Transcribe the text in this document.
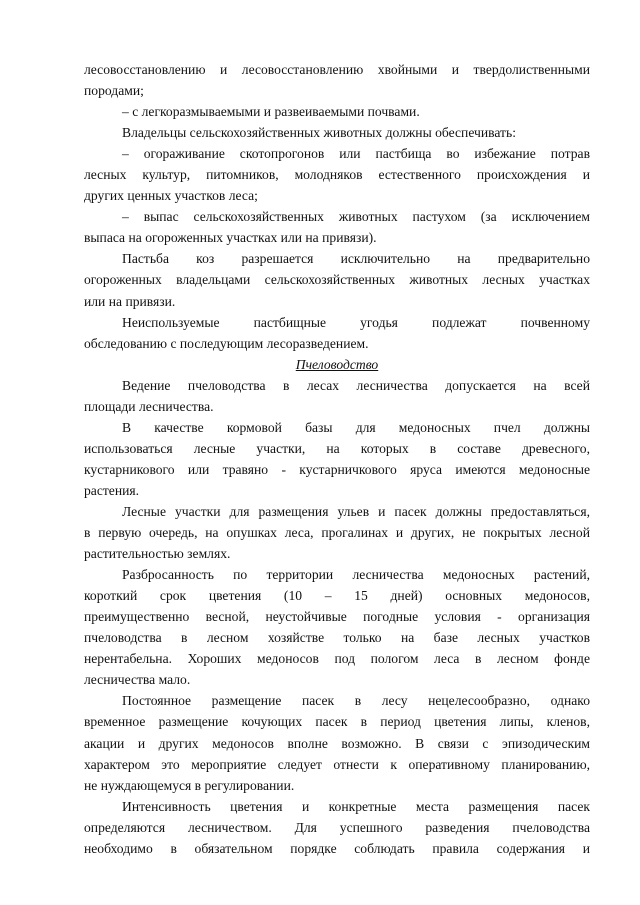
лесовосстановлению и лесовосстановлению хвойными и твердолиственными
породами;
– с легкоразмываемыми и развеиваемыми почвами.
Владельцы сельскохозяйственных животных должны обеспечивать:
– огораживание скотопрогонов или пастбища во избежание потрав
лесных культур, питомников, молодняков естественного происхождения и
других ценных участков леса;
– выпас сельскохозяйственных животных пастухом (за исключением
выпаса на огороженных участках или на привязи).
Пастьба коз разрешается исключительно на предварительно
огороженных владельцами сельскохозяйственных животных лесных участках
или на привязи.
Неиспользуемые пастбищные угодья подлежат почвенному
обследованию с последующим лесоразведением.
Пчеловодство
Ведение пчеловодства в лесах лесничества допускается на всей
площади лесничества.
В качестве кормовой базы для медоносных пчел должны
использоваться лесные участки, на которых в составе древесного,
кустарникового или травяно - кустарничкового яруса имеются медоносные
растения.
Лесные участки для размещения ульев и пасек должны предоставляться,
в первую очередь, на опушках леса, прогалинах и других, не покрытых лесной
растительностью землях.
Разбросанность по территории лесничества медоносных растений,
короткий срок цветения (10 – 15 дней) основных медоносов,
преимущественно весной, неустойчивые погодные условия - организация
пчеловодства в лесном хозяйстве только на базе лесных участков
нерентабельна. Хороших медоносов под пологом леса в лесном фонде
лесничества мало.
Постоянное размещение пасек в лесу нецелесообразно, однако
временное размещение кочующих пасек в период цветения липы, кленов,
акации и других медоносов вполне возможно. В связи с эпизодическим
характером это мероприятие следует отнести к оперативному планированию,
не нуждающемуся в регулировании.
Интенсивность цветения и конкретные места размещения пасек
определяются лесничеством. Для успешного разведения пчеловодства
необходимо в обязательном порядке соблюдать правила содержания и
